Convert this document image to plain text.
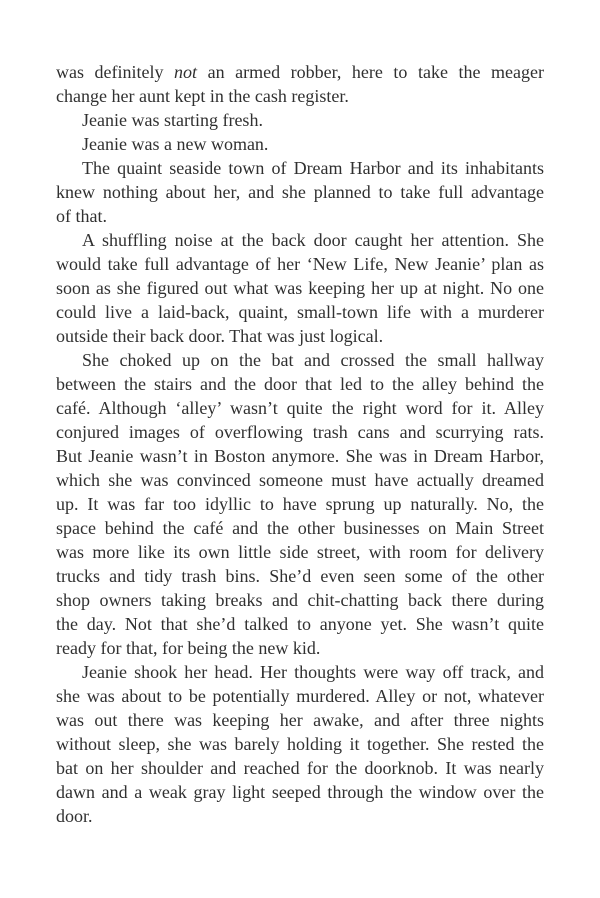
was definitely not an armed robber, here to take the meager
change her aunt kept in the cash register.
Jeanie was starting fresh.
Jeanie was a new woman.
The quaint seaside town of Dream Harbor and its inhabitants
knew nothing about her, and she planned to take full advantage
of that.
A shuffling noise at the back door caught her attention. She
would take full advantage of her ‘New Life, New Jeanie’ plan as
soon as she figured out what was keeping her up at night. No one
could live a laid-back, quaint, small-town life with a murderer
outside their back door. That was just logical.
She choked up on the bat and crossed the small hallway
between the stairs and the door that led to the alley behind the
café. Although ‘alley’ wasn’t quite the right word for it. Alley
conjured images of overflowing trash cans and scurrying rats.
But Jeanie wasn’t in Boston anymore. She was in Dream Harbor,
which she was convinced someone must have actually dreamed
up. It was far too idyllic to have sprung up naturally. No, the
space behind the café and the other businesses on Main Street
was more like its own little side street, with room for delivery
trucks and tidy trash bins. She’d even seen some of the other
shop owners taking breaks and chit-chatting back there during
the day. Not that she’d talked to anyone yet. She wasn’t quite
ready for that, for being the new kid.
Jeanie shook her head. Her thoughts were way off track, and
she was about to be potentially murdered. Alley or not, whatever
was out there was keeping her awake, and after three nights
without sleep, she was barely holding it together. She rested the
bat on her shoulder and reached for the doorknob. It was nearly
dawn and a weak gray light seeped through the window over the
door.
